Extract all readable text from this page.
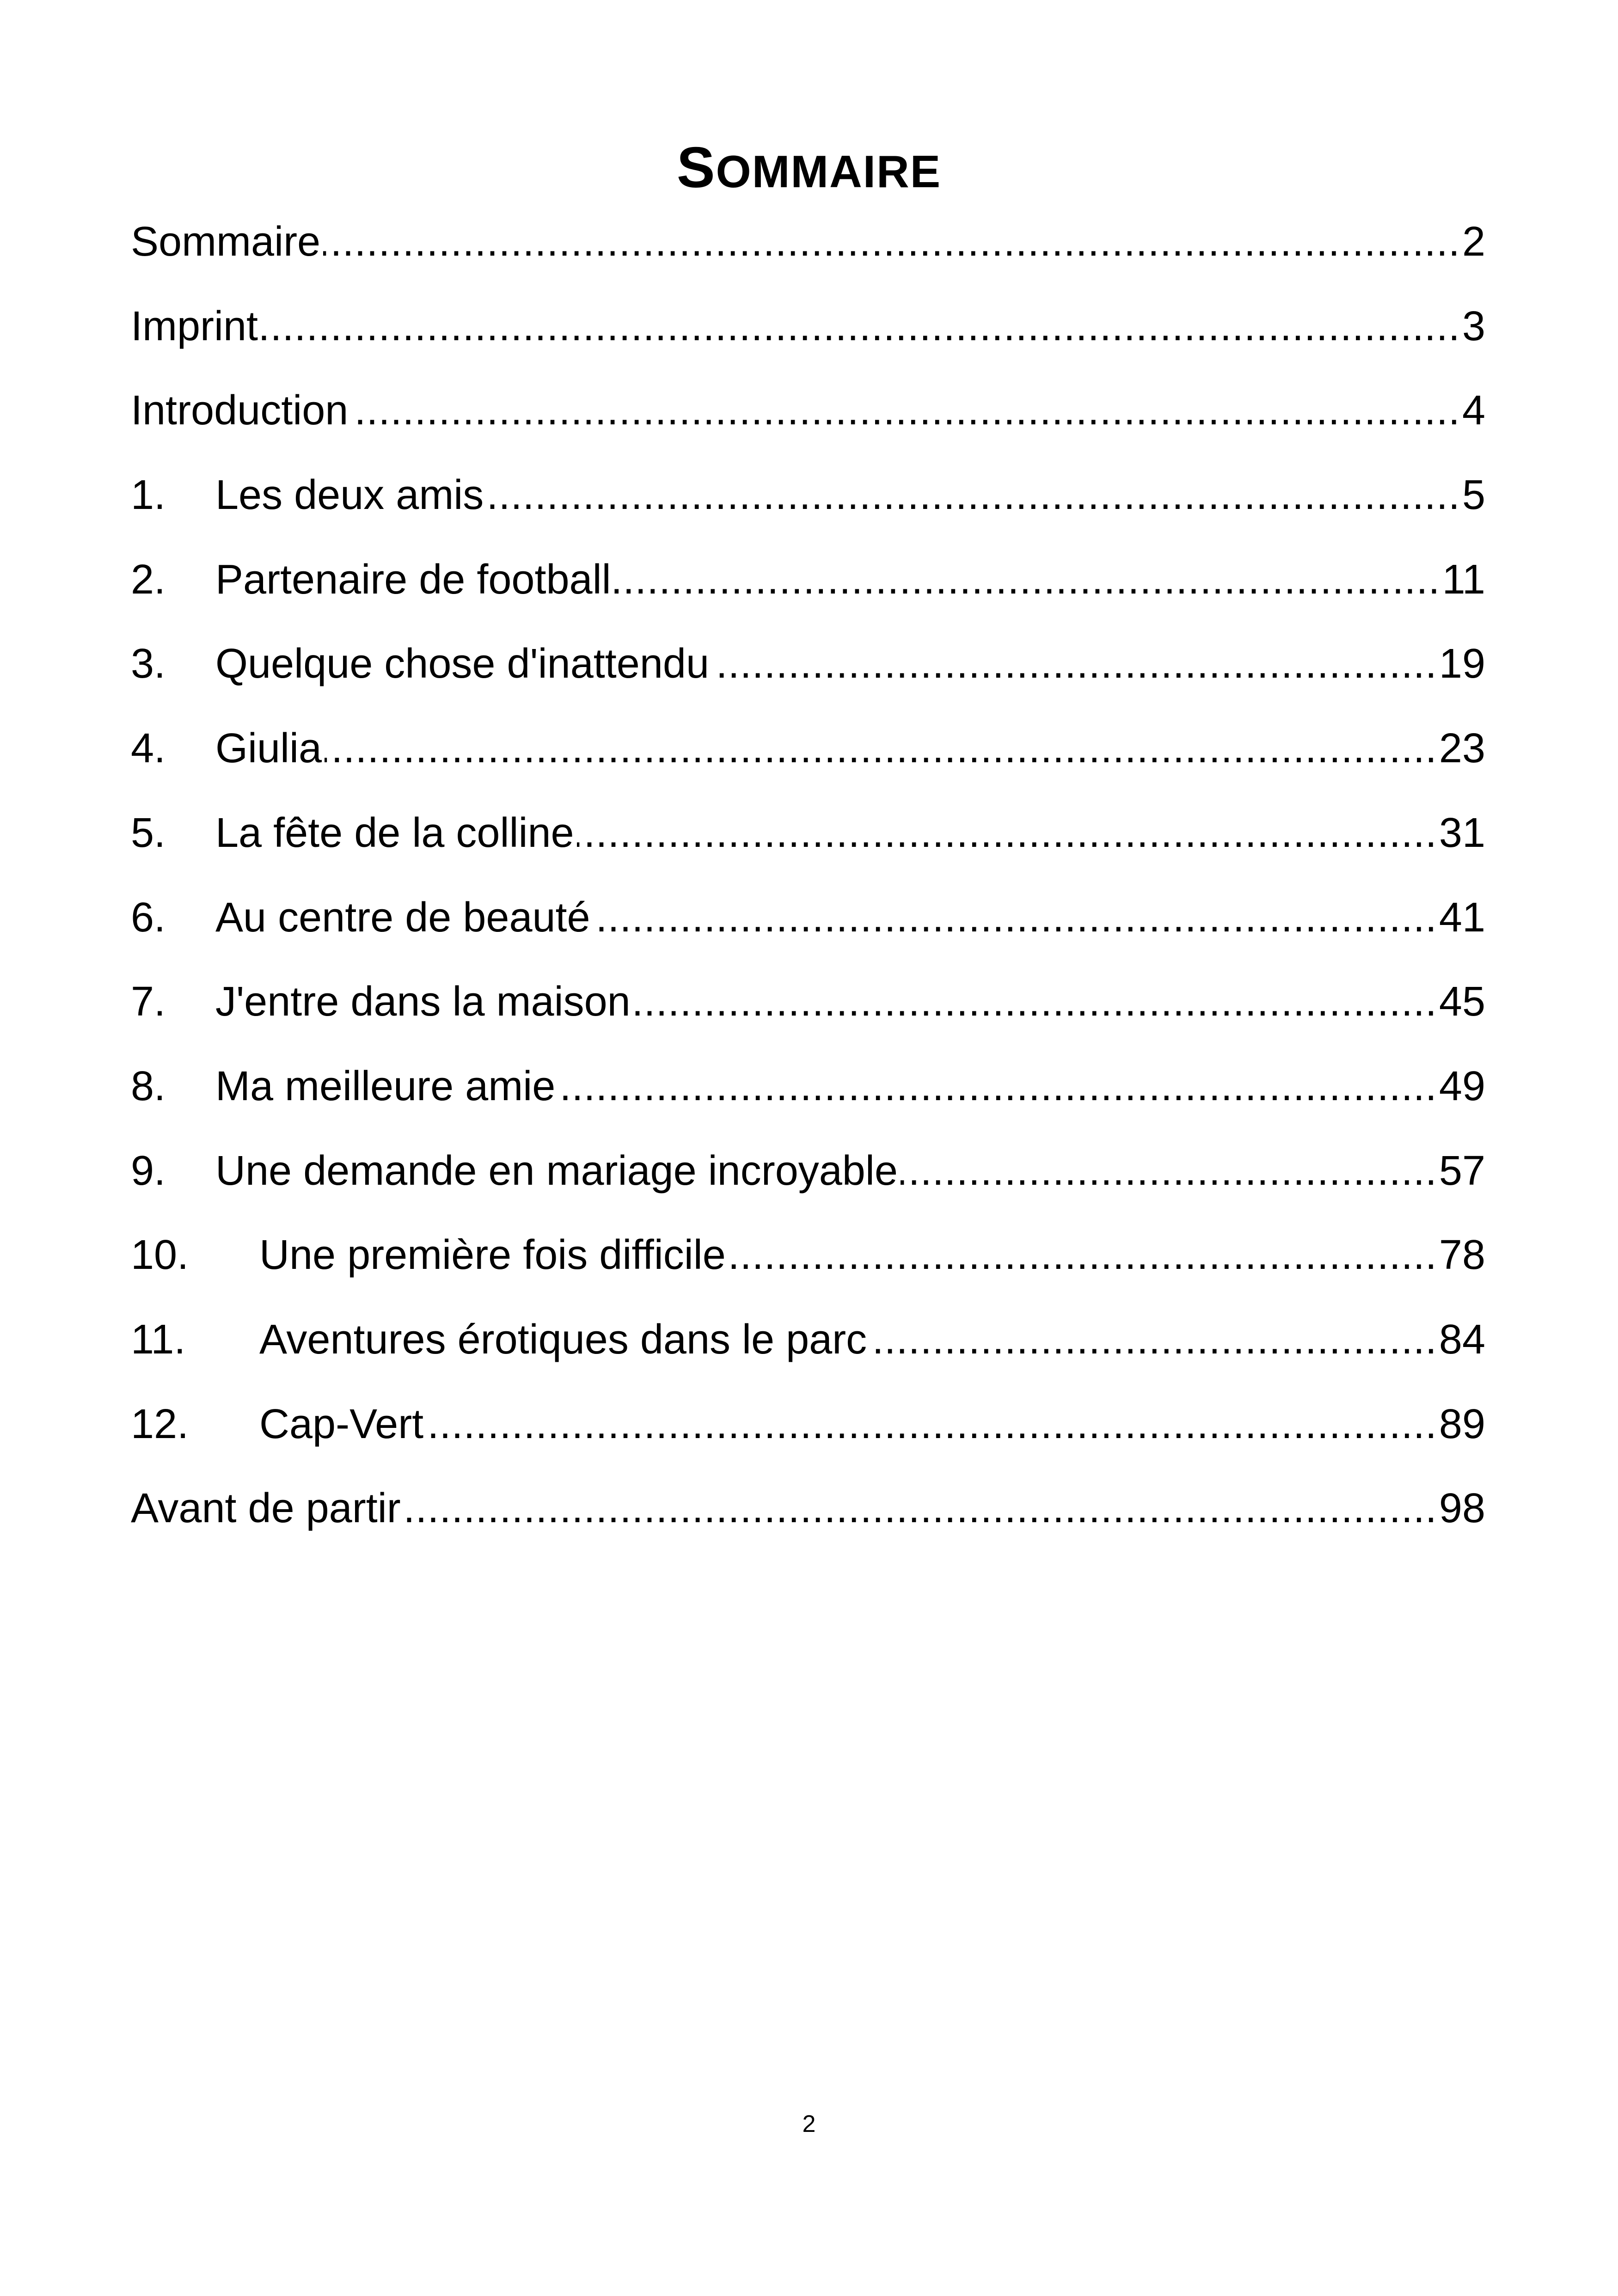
SOMMAIRE
Sommaire .....	2
Imprint .....	3
Introduction .....	4
1.	Les deux amis .....	5
2.	Partenaire de football .....	11
3.	Quelque chose d'inattendu .....	19
4.	Giulia .....	23
5.	La fête de la colline .....	31
6.	Au centre de beauté .....	41
7.	J'entre dans la maison .....	45
8.	Ma meilleure amie .....	49
9.	Une demande en mariage incroyable .....	57
10.	Une première fois difficile .....	78
11.	Aventures érotiques dans le parc .....	84
12.	Cap-Vert .....	89
Avant de partir .....	98
2
